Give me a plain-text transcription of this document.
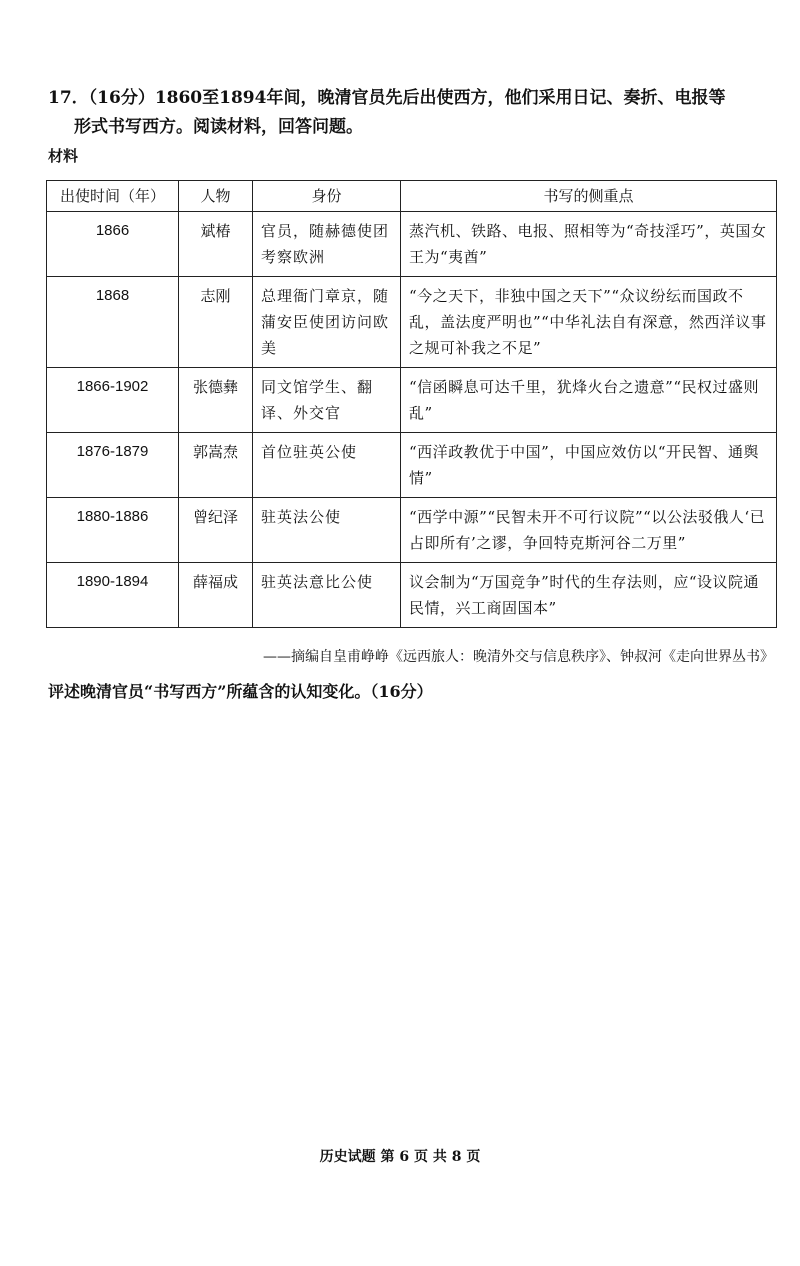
17．（16分）1860至1894年间，晚清官员先后出使西方，他们采用日记、奏折、电报等
形式书写西方。阅读材料，回答问题。

材料

出使时间（年）	人物	身份	书写的侧重点
1866	斌椿	官员，随赫德使团考察欧洲	蒸汽机、铁路、电报、照相等为“奇技淫巧”，英国女王为“夷酋”
1868	志刚	总理衙门章京，随蒲安臣使团访问欧美	“今之天下，非独中国之天下”“众议纷纭而国政不乱，盖法度严明也”“中华礼法自有深意，然西洋议事之规可补我之不足”
1866-1902	张德彝	同文馆学生、翻译、外交官	“信函瞬息可达千里，犹烽火台之遗意”“民权过盛则乱”
1876-1879	郭嵩焘	首位驻英公使	“西洋政教优于中国”，中国应效仿以“开民智、通舆情”
1880-1886	曾纪泽	驻英法公使	“西学中源”“民智未开不可行议院”“以公法驳俄人‘已占即所有’之谬，争回特克斯河谷二万里”
1890-1894	薛福成	驻英法意比公使	议会制为“万国竞争”时代的生存法则，应“设议院通民情，兴工商固国本”

——摘编自皇甫峥峥《远西旅人：晚清外交与信息秩序》、钟叔河《走向世界丛书》

评述晚清官员“书写西方”所蕴含的认知变化。（16分）

历史试题 第 6 页 共 8 页
